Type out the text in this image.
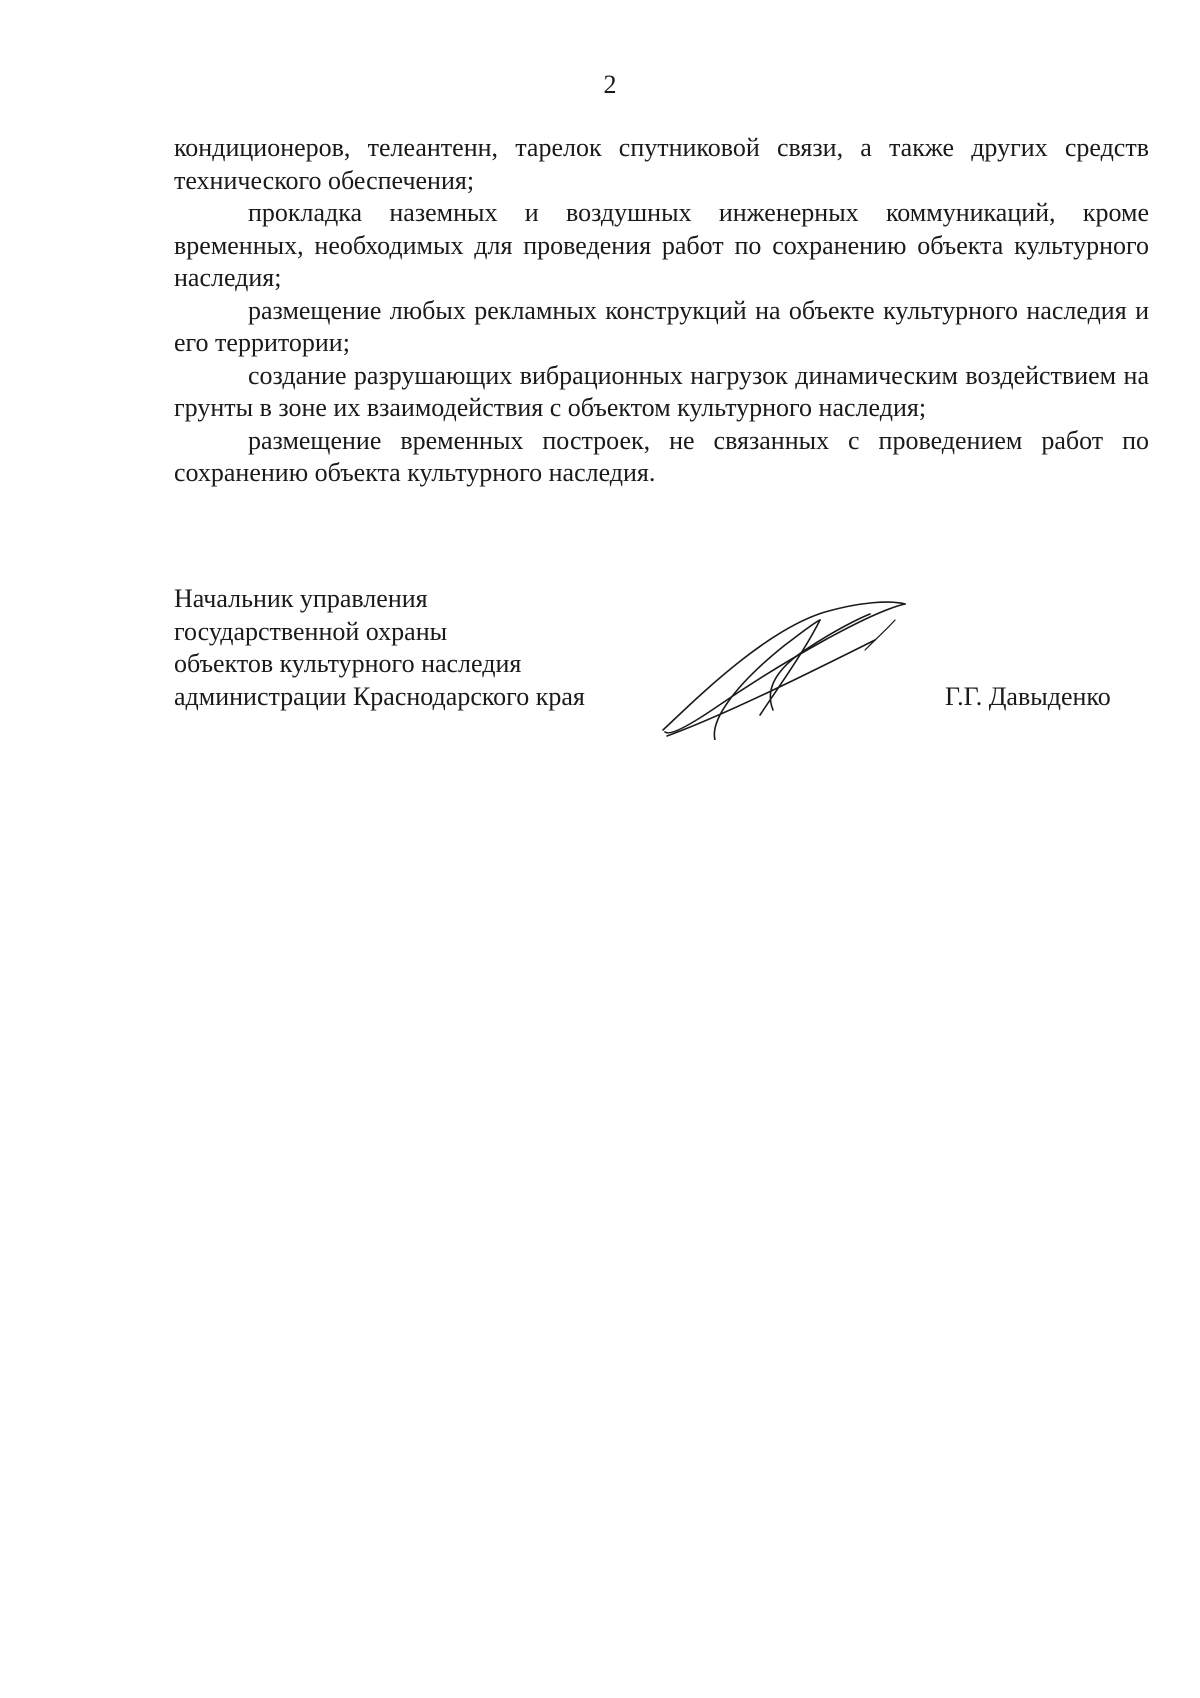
2

кондиционеров, телеантенн, тарелок спутниковой связи, а также других средств технического обеспечения;

прокладка наземных и воздушных инженерных коммуникаций, кроме временных, необходимых для проведения работ по сохранению объекта культурного наследия;

размещение любых рекламных конструкций на объекте культурного наследия и его территории;

создание разрушающих вибрационных нагрузок динамическим воздействием на грунты в зоне их взаимодействия с объектом культурного наследия;

размещение временных построек, не связанных с проведением работ по сохранению объекта культурного наследия.

Начальник управления
государственной охраны
объектов культурного наследия
администрации Краснодарского края	Г.Г. Давыденко
